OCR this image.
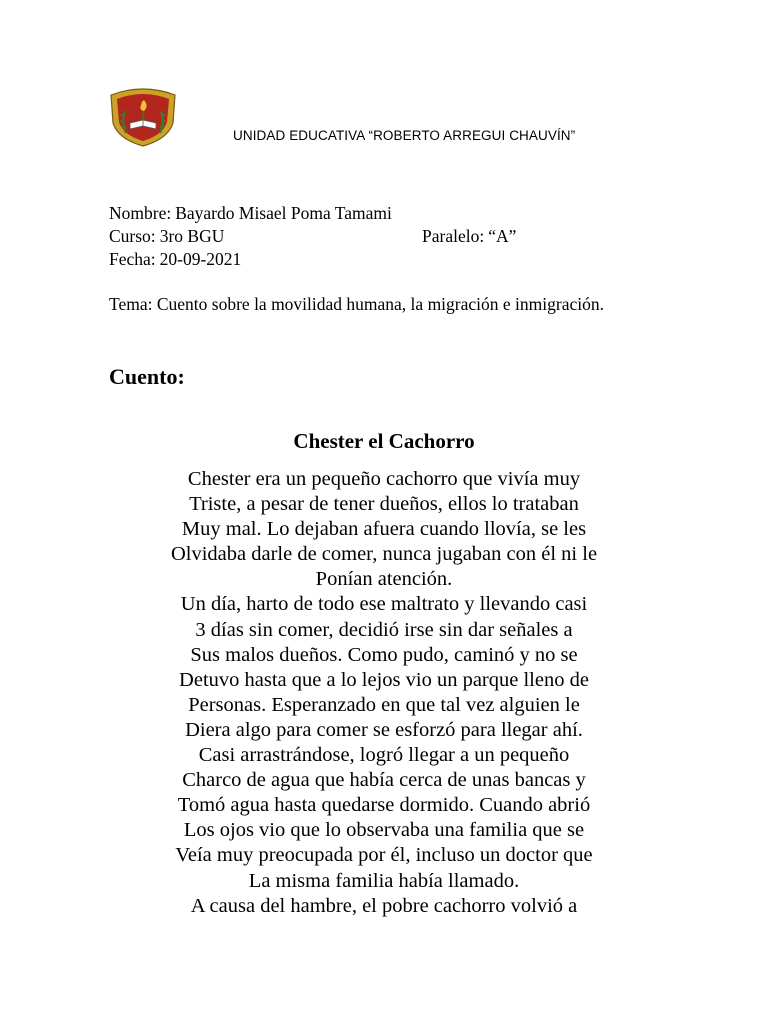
UNIDAD EDUCATIVA “ROBERTO ARREGUI CHAUVÍN”
Nombre: Bayardo Misael Poma Tamami
Curso: 3ro BGU	Paralelo: “A”
Fecha: 20-09-2021
Tema: Cuento sobre la movilidad humana, la migración e inmigración.
Cuento:
Chester el Cachorro
Chester era un pequeño cachorro que vivía muy
Triste, a pesar de tener dueños, ellos lo trataban
Muy mal. Lo dejaban afuera cuando llovía, se les
Olvidaba darle de comer, nunca jugaban con él ni le
Ponían atención.
Un día, harto de todo ese maltrato y llevando casi
3 días sin comer, decidió irse sin dar señales a
Sus malos dueños. Como pudo, caminó y no se
Detuvo hasta que a lo lejos vio un parque lleno de
Personas. Esperanzado en que tal vez alguien le
Diera algo para comer se esforzó para llegar ahí.
Casi arrastrándose, logró llegar a un pequeño
Charco de agua que había cerca de unas bancas y
Tomó agua hasta quedarse dormido. Cuando abrió
Los ojos vio que lo observaba una familia que se
Veía muy preocupada por él, incluso un doctor que
La misma familia había llamado.
A causa del hambre, el pobre cachorro volvió a
